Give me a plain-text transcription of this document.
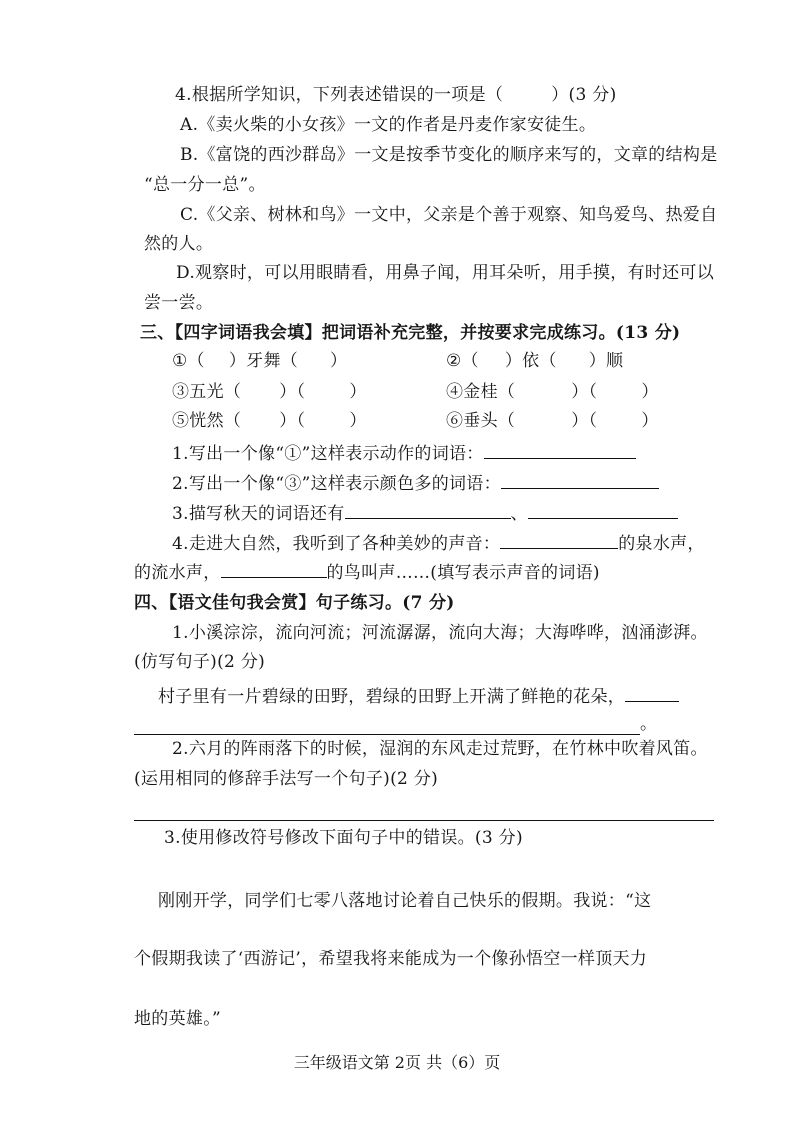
4.根据所学知识，下列表述错误的一项是（	）(3 分)
A.《卖火柴的小女孩》一文的作者是丹麦作家安徒生。
B.《富饶的西沙群岛》一文是按季节变化的顺序来写的，文章的结构是
“总一分一总”。
C.《父亲、树林和鸟》一文中，父亲是个善于观察、知鸟爱鸟、热爱自
然的人。
D.观察时，可以用眼睛看，用鼻子闻，用耳朵听，用手摸，有时还可以
尝一尝。
三、【四字词语我会填】把词语补充完整，并按要求完成练习。(13 分)
①（ ）牙舞（ ）	②（ ）依（ ）顺
③五光（ ）（	）	④金桂（	）（	）
⑤恍然（ ）（	）	⑥垂头（	）（	）
1.写出一个像“①”这样表示动作的词语：
2.写出一个像“③”这样表示颜色多的词语：
3.描写秋天的词语还有	、
4.走进大自然，我听到了各种美妙的声音：	的泉水声，
的流水声，	的鸟叫声……(填写表示声音的词语)
四、【语文佳句我会赏】句子练习。(7 分)
1.小溪淙淙，流向河流；河流潺潺，流向大海；大海哗哗，汹涌澎湃。
(仿写句子)(2 分)
村子里有一片碧绿的田野，碧绿的田野上开满了鲜艳的花朵，
。
2.六月的阵雨落下的时候，湿润的东风走过荒野，在竹林中吹着风笛。
(运用相同的修辞手法写一个句子)(2 分)
3.使用修改符号修改下面句子中的错误。(3 分)
刚刚开学，同学们七零八落地讨论着自己快乐的假期。我说：“这
个假期我读了‘西游记’，希望我将来能成为一个像孙悟空一样顶天力
地的英雄。”
三年级语文第 2页 共（6）页
